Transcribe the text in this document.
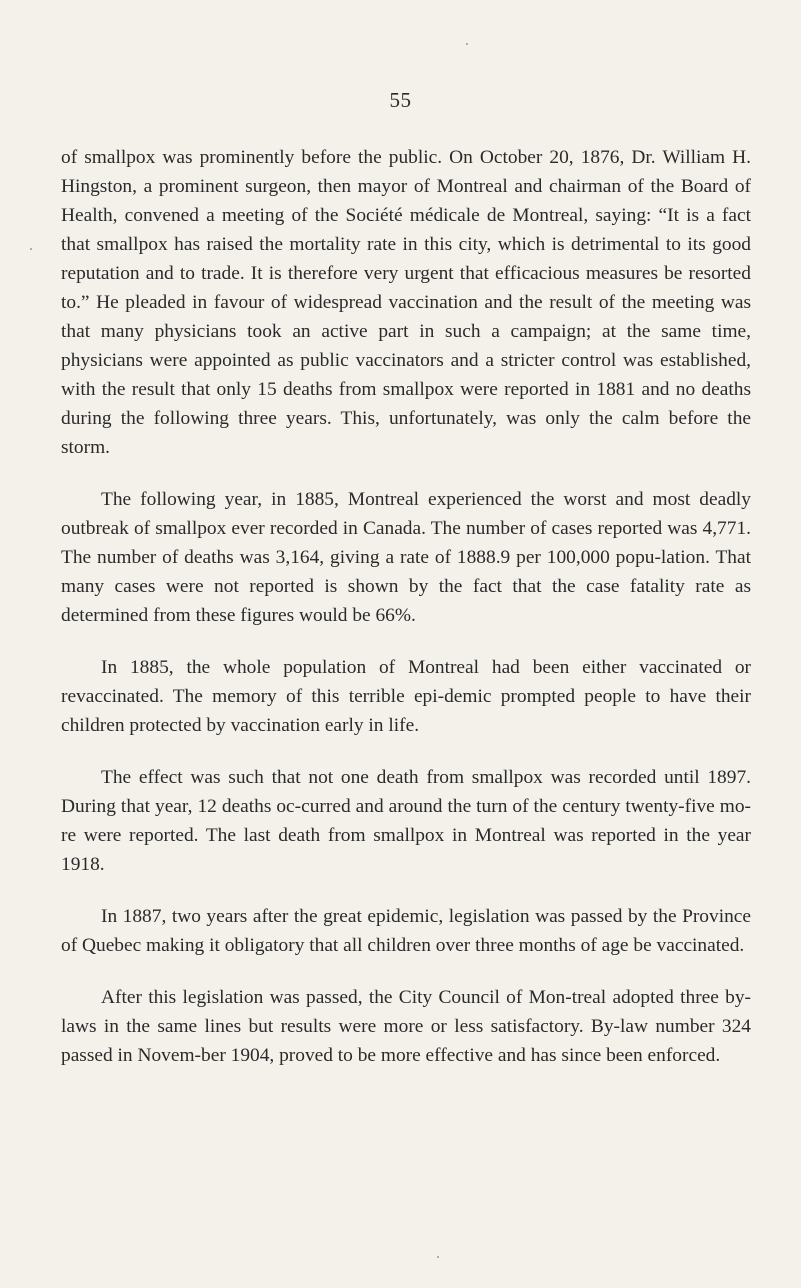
55

of smallpox was prominently before the public. On October 20, 1876, Dr. William H. Hingston, a prominent surgeon, then mayor of Montreal and chairman of the Board of Health, convened a meeting of the Société médicale de Montreal, saying: “It is a fact that smallpox has raised the mortality rate in this city, which is detrimental to its good reputation and to trade. It is therefore very urgent that efficacious measures be resorted to.” He pleaded in favour of widespread vaccination and the result of the meeting was that many physicians took an active part in such a campaign; at the same time, physicians were appointed as public vaccinators and a stricter control was established, with the result that only 15 deaths from smallpox were reported in 1881 and no deaths during the following three years. This, unfortunately, was only the calm before the storm.

The following year, in 1885, Montreal experienced the worst and most deadly outbreak of smallpox ever recorded in Canada. The number of cases reported was 4,771. The number of deaths was 3,164, giving a rate of 1888.9 per 100,000 popu-lation. That many cases were not reported is shown by the fact that the case fatality rate as determined from these figures would be 66%.

In 1885, the whole population of Montreal had been either vaccinated or revaccinated. The memory of this terrible epi-demic prompted people to have their children protected by vaccination early in life.

The effect was such that not one death from smallpox was recorded until 1897. During that year, 12 deaths oc-curred and around the turn of the century twenty-five mo-re were reported. The last death from smallpox in Montreal was reported in the year 1918.

In 1887, two years after the great epidemic, legislation was passed by the Province of Quebec making it obligatory that all children over three months of age be vaccinated.

After this legislation was passed, the City Council of Mon-treal adopted three by-laws in the same lines but results were more or less satisfactory. By-law number 324 passed in Novem-ber 1904, proved to be more effective and has since been enforced.
